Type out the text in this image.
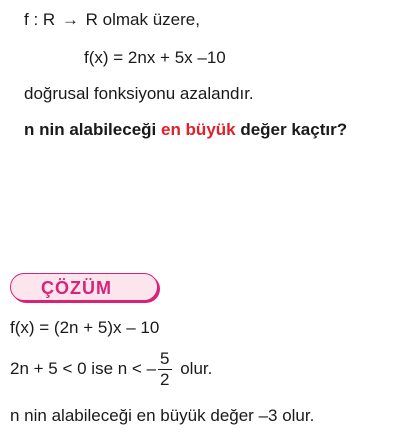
f : R → R olmak üzere,
f(x) = 2nx + 5x –10
doğrusal fonksiyonu azalandır.
n nin alabileceği en büyük değer kaçtır?
ÇÖZÜM
f(x) = (2n + 5)x – 10
2n + 5 < 0 ise n < – $\frac{5}{2}$ olur.
n nin alabileceği en büyük değer –3 olur.
